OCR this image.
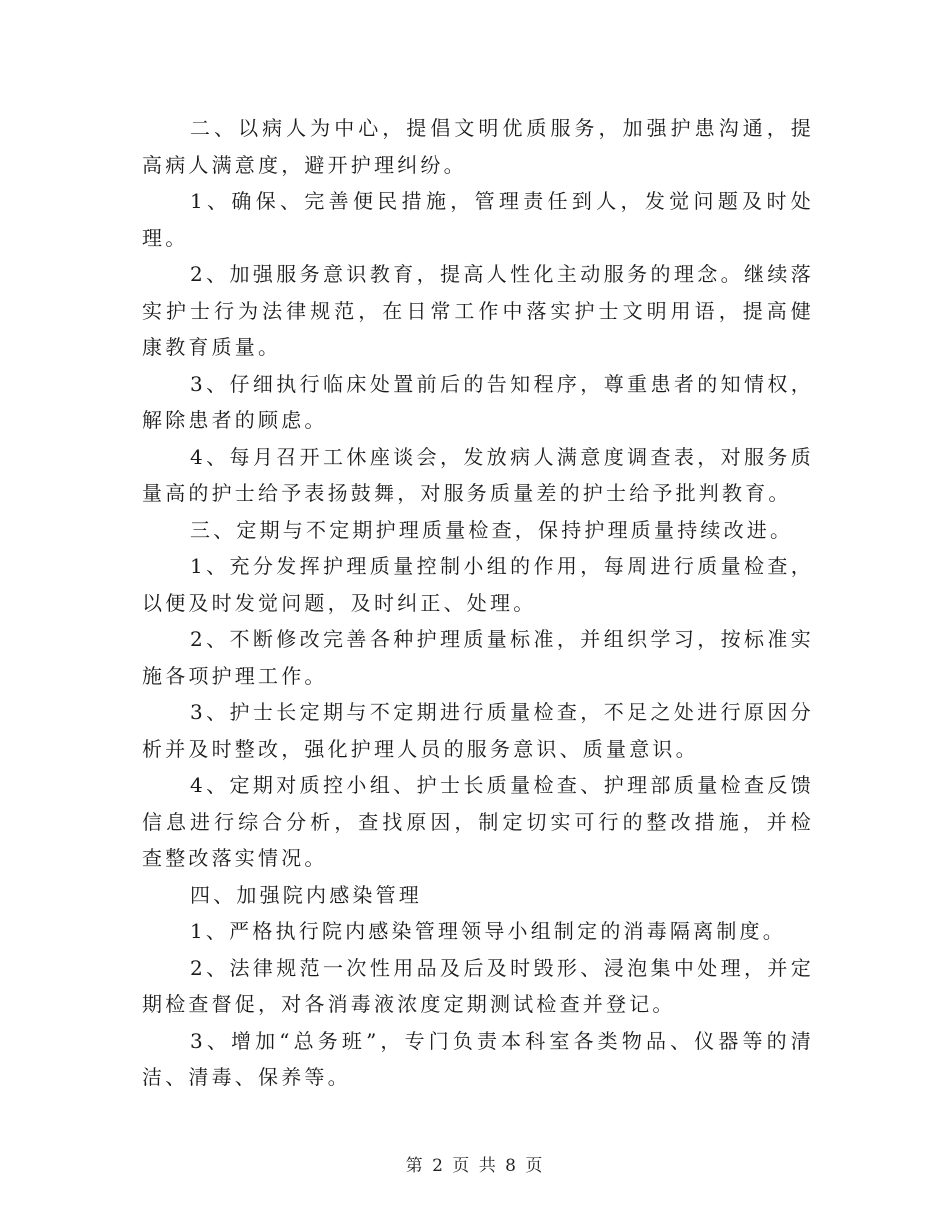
二、以病人为中心，提倡文明优质服务，加强护患沟通，提高病人满意度，避开护理纠纷。

1、确保、完善便民措施，管理责任到人，发觉问题及时处理。

2、加强服务意识教育，提高人性化主动服务的理念。继续落实护士行为法律规范，在日常工作中落实护士文明用语，提高健康教育质量。

3、仔细执行临床处置前后的告知程序，尊重患者的知情权，解除患者的顾虑。

4、每月召开工休座谈会，发放病人满意度调查表，对服务质量高的护士给予表扬鼓舞，对服务质量差的护士给予批判教育。

三、定期与不定期护理质量检查，保持护理质量持续改进。

1、充分发挥护理质量控制小组的作用，每周进行质量检查，以便及时发觉问题，及时纠正、处理。

2、不断修改完善各种护理质量标准，并组织学习，按标准实施各项护理工作。

3、护士长定期与不定期进行质量检查，不足之处进行原因分析并及时整改，强化护理人员的服务意识、质量意识。

4、定期对质控小组、护士长质量检查、护理部质量检查反馈信息进行综合分析，查找原因，制定切实可行的整改措施，并检查整改落实情况。

四、加强院内感染管理

1、严格执行院内感染管理领导小组制定的消毒隔离制度。

2、法律规范一次性用品及后及时毁形、浸泡集中处理，并定期检查督促，对各消毒液浓度定期测试检查并登记。

3、增加“总务班”，专门负责本科室各类物品、仪器等的清洁、清毒、保养等。

第 2 页 共 8 页
